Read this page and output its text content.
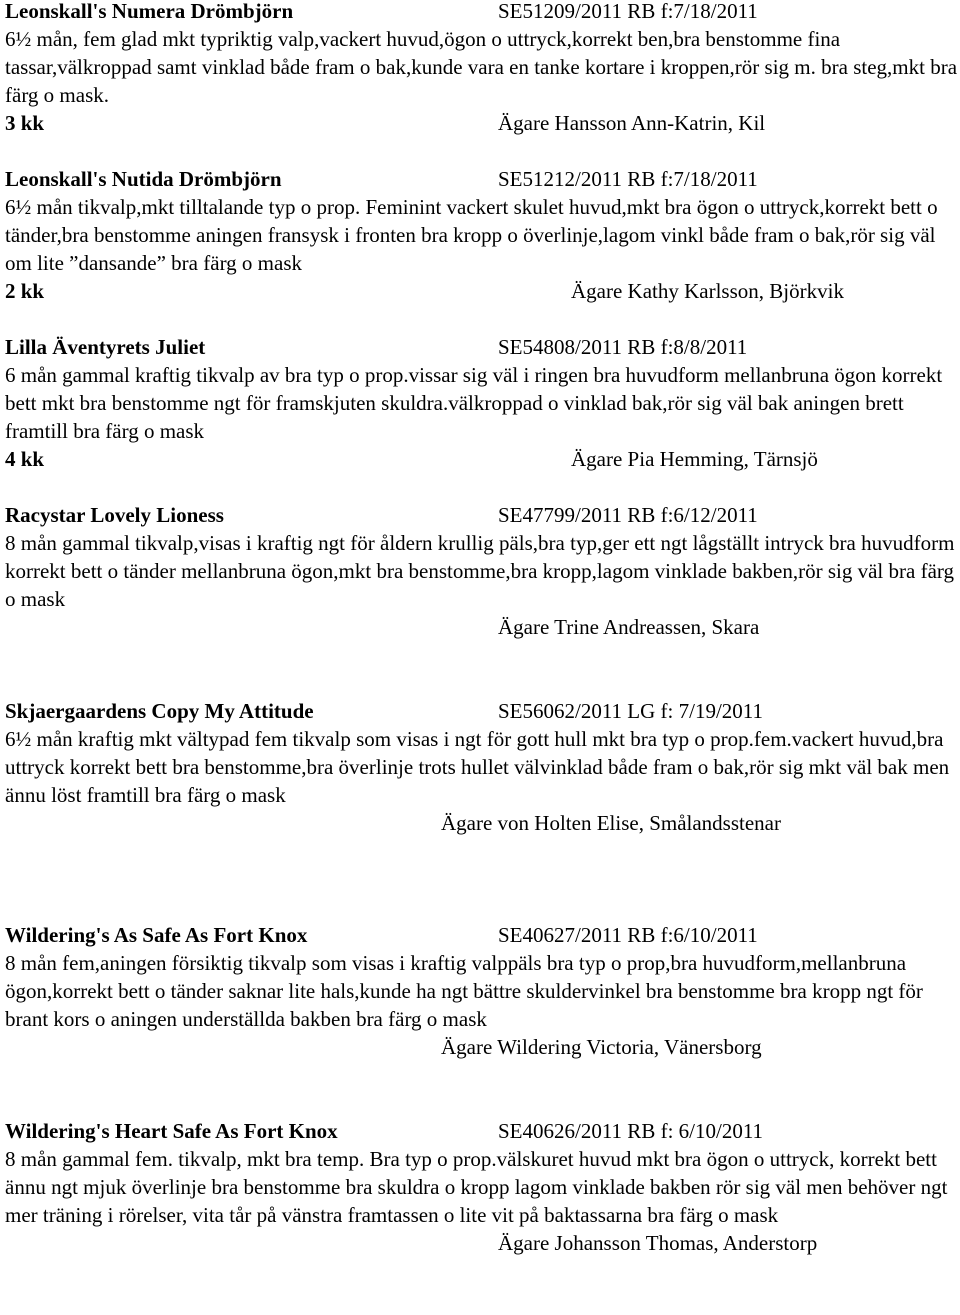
Leonskall's Numera Drömbjörn	SE51209/2011 RB f:7/18/2011

6½ mån, fem glad mkt typriktig valp,vackert huvud,ögon o uttryck,korrekt ben,bra benstomme fina tassar,välkroppad samt vinklad både fram o bak,kunde vara en tanke kortare i kroppen,rör sig m. bra steg,mkt bra färg o mask.

3 kk	Ägare Hansson Ann-Katrin, Kil
Leonskall's Nutida Drömbjörn	SE51212/2011 RB f:7/18/2011

6½ mån tikvalp,mkt tilltalande typ o prop. Feminint vackert skulet huvud,mkt bra ögon o uttryck,korrekt bett o tänder,bra benstomme aningen fransysk i fronten bra kropp o överlinje,lagom vinkl både fram o bak,rör sig väl om lite ”dansande” bra färg o mask

2 kk	Ägare Kathy Karlsson, Björkvik
Lilla Äventyrets Juliet	SE54808/2011 RB f:8/8/2011

6 mån gammal kraftig tikvalp av bra typ o prop.vissar sig väl i ringen bra huvudform mellanbruna ögon korrekt bett mkt bra benstomme ngt för framskjuten skuldra.välkroppad o vinklad bak,rör sig väl bak aningen brett framtill bra färg o mask

4 kk	Ägare Pia Hemming, Tärnsjö
Racystar Lovely Lioness	SE47799/2011 RB f:6/12/2011

8 mån gammal tikvalp,visas i kraftig ngt för åldern krullig päls,bra typ,ger ett ngt lågställt intryck bra huvudform korrekt bett o tänder mellanbruna ögon,mkt bra benstomme,bra kropp,lagom vinklade bakben,rör sig väl bra färg o mask

Ägare Trine Andreassen, Skara
Skjaergaardens Copy My Attitude	SE56062/2011 LG f: 7/19/2011

6½ mån kraftig mkt vältypad fem tikvalp som visas i ngt för gott hull mkt bra typ o prop.fem.vackert huvud,bra uttryck korrekt bett bra benstomme,bra överlinje trots hullet välvinklad både fram o bak,rör sig mkt väl bak men ännu löst framtill bra färg o mask

Ägare von Holten Elise, Smålandsstenar
Wildering's As Safe As Fort Knox	SE40627/2011 RB f:6/10/2011

8 mån fem,aningen försiktig tikvalp som visas i kraftig valppäls bra typ o prop,bra huvudform,mellanbruna ögon,korrekt bett o tänder saknar lite hals,kunde ha ngt bättre skuldervinkel bra benstomme bra kropp ngt för brant kors o aningen underställda bakben bra färg o mask

Ägare Wildering Victoria, Vänersborg
Wildering's Heart Safe As Fort Knox	SE40626/2011 RB f: 6/10/2011

8 mån gammal fem. tikvalp, mkt bra temp. Bra typ o prop.välskuret huvud mkt bra ögon o uttryck, korrekt bett ännu ngt mjuk överlinje bra benstomme bra skuldra o kropp lagom vinklade bakben rör sig väl men behöver ngt mer träning i rörelser, vita tår på vänstra framtassen o lite vit på baktassarna bra färg o mask

Ägare Johansson Thomas, Anderstorp
